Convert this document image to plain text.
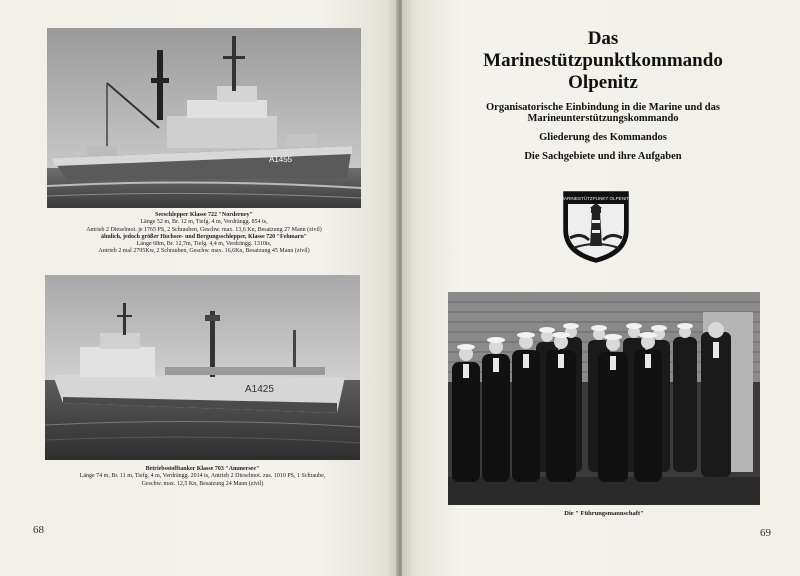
A1455
Seeschlepper Klasse 722 "Norderney"
Länge 52 m, Br. 12 m, Tiefg. 4 m, Verdrängg. 854 ts,
Antrieb 2 Dieselmot. je 1765 PS, 2 Schrauben, Geschw. max. 13,6 Kn, Besatzung 27 Mann (zivil)
ähnlich, jedoch größer Hochsee- und Bergungsschlepper, Klasse 720 "Fehmarn"
Länge 68m, Br. 12,7m, Tiefg. 4,4 m, Verdrängg. 1310ts,
Antrieb 2 mal 2795Kw, 2 Schrauben, Geschw. max. 16,6Kn, Besatzung 45 Mann (zivil)
A1425
Betriebsstofftanker Klasse 703 "Ammersee"
Länge 74 m, Br. 11 m, Tiefg. 4 m, Verdrängg. 2014 ts, Antrieb 2 Dieselmot. zus. 1010 PS, 1 Schraube,
Geschw. max. 12,5 Kn, Besatzung 24 Mann (zivil)
68
Das
Marinestützpunktkommando
Olpenitz
Organisatorische Einbindung in die Marine und das
Marineunterstützungskommando
Gliederung des Kommandos
Die Sachgebiete und ihre Aufgaben
MARINESTÜTZPUNKT OLPENITZ
Die " Führungsmannschaft"
69
